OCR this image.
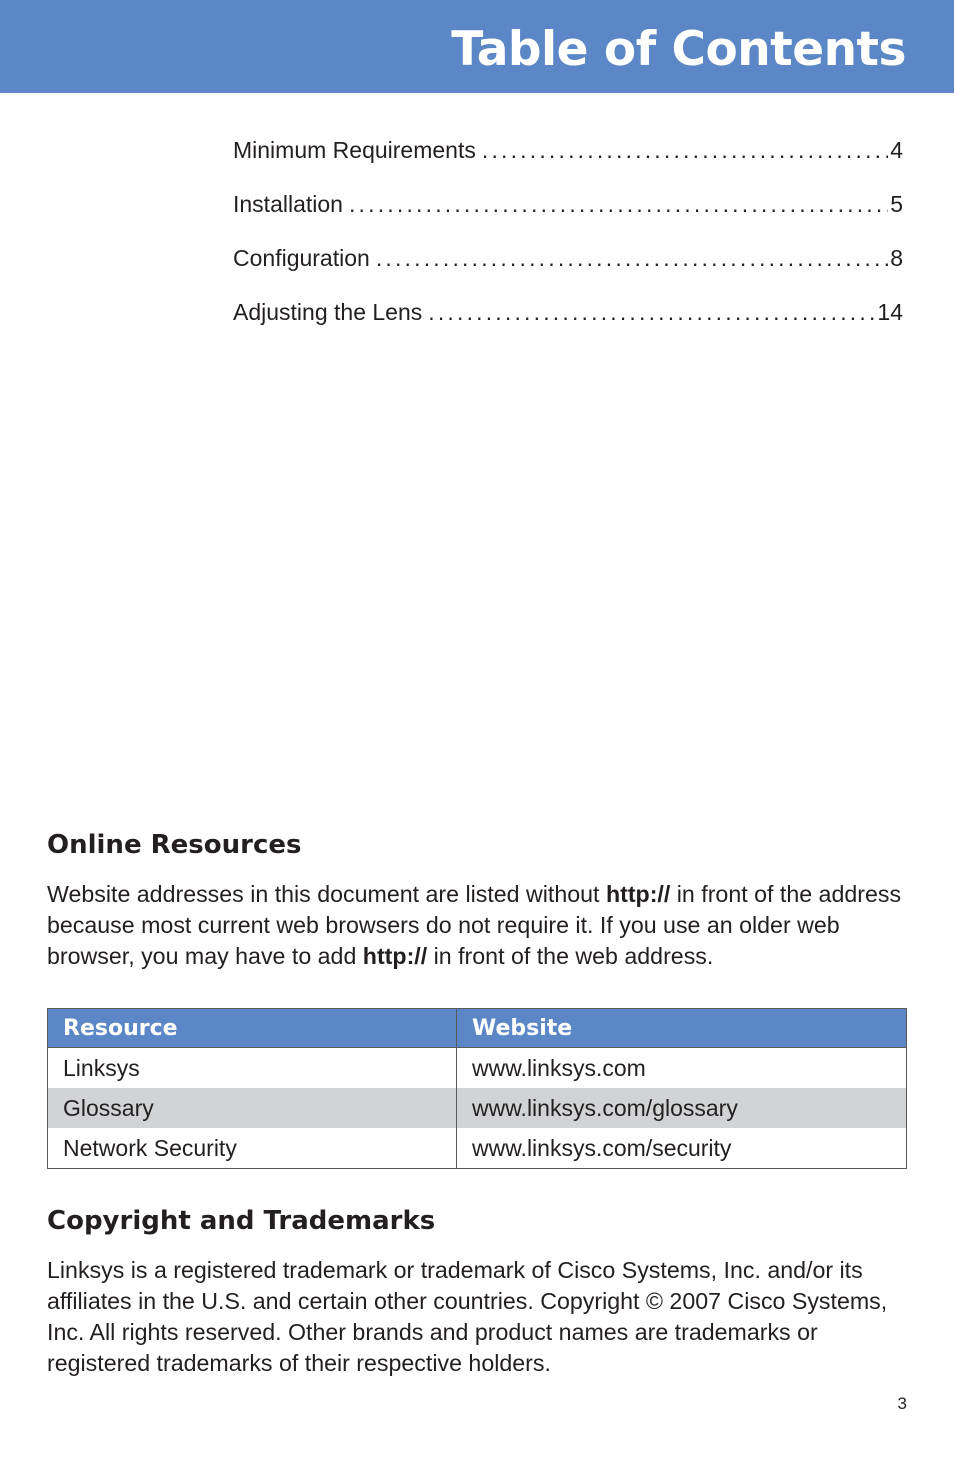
Table of Contents
Minimum Requirements . . .	4
Installation . . .	5
Configuration . . .	8
Adjusting the Lens . . .	14
Online Resources

Website addresses in this document are listed without http:// in front of the address because most current web browsers do not require it. If you use an older web browser, you may have to add http:// in front of the web address.

Resource	Website
Linksys	www.linksys.com
Glossary	www.linksys.com/glossary
Network Security	www.linksys.com/security
Copyright and Trademarks

Linksys is a registered trademark or trademark of Cisco Systems, Inc. and/or its affiliates in the U.S. and certain other countries. Copyright © 2007 Cisco Systems, Inc. All rights reserved. Other brands and product names are trademarks or registered trademarks of their respective holders.

3
